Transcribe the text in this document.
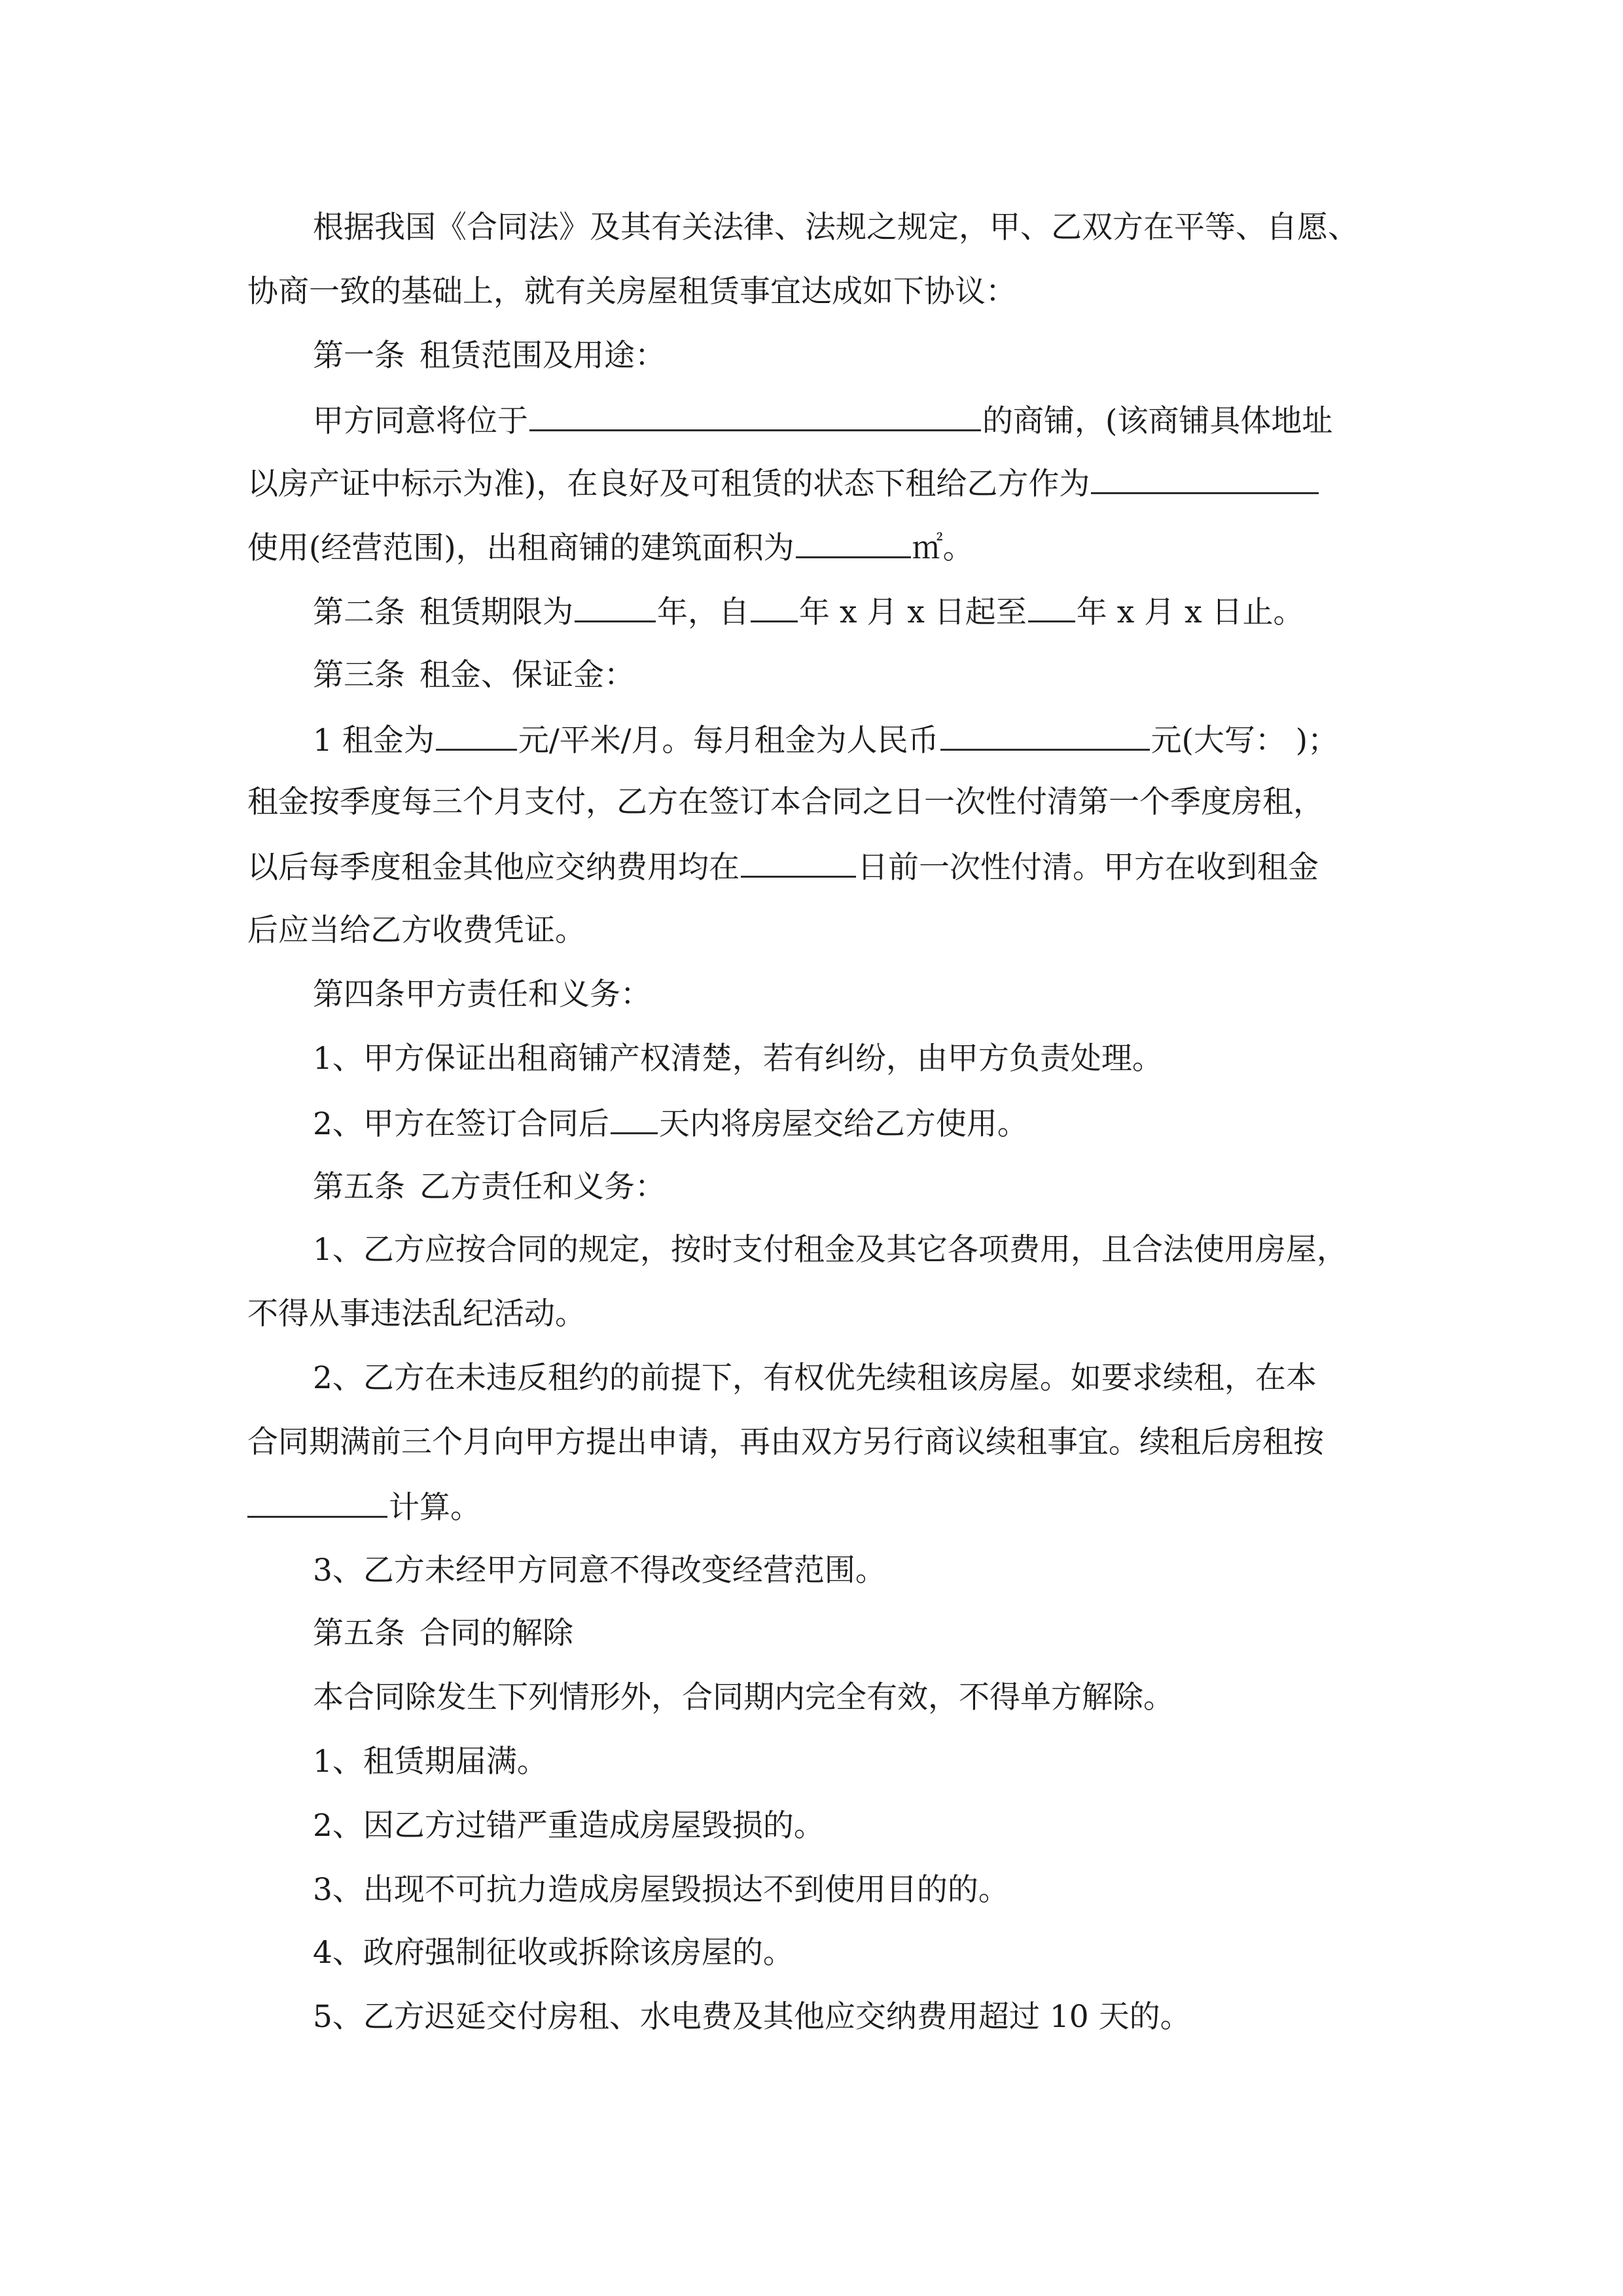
根据我国《合同法》及其有关法律、法规之规定，甲、乙双方在平等、自愿、
协商一致的基础上，就有关房屋租赁事宜达成如下协议：
第一条 租赁范围及用途：
甲方同意将位于	的商铺，(该商铺具体地址
以房产证中标示为准)，在良好及可租赁的状态下租给乙方作为
使用(经营范围)，出租商铺的建筑面积为	㎡。
第二条 租赁期限为	年，自 年 x 月 x 日起至 年 x 月 x 日止。
第三条 租金、保证金：
1 租金为	元/平米/月。每月租金为人民币	元(大写： )；
租金按季度每三个月支付，乙方在签订本合同之日一次性付清第一个季度房租，
以后每季度租金其他应交纳费用均在	日前一次性付清。甲方在收到租金
后应当给乙方收费凭证。
第四条甲方责任和义务：
1、甲方保证出租商铺产权清楚，若有纠纷，由甲方负责处理。
2、甲方在签订合同后 天内将房屋交给乙方使用。
第五条 乙方责任和义务：
1、乙方应按合同的规定，按时支付租金及其它各项费用，且合法使用房屋，
不得从事违法乱纪活动。
2、乙方在未违反租约的前提下，有权优先续租该房屋。如要求续租，在本
合同期满前三个月向甲方提出申请，再由双方另行商议续租事宜。续租后房租按
计算。
3、乙方未经甲方同意不得改变经营范围。
第五条 合同的解除
本合同除发生下列情形外，合同期内完全有效，不得单方解除。
1、租赁期届满。
2、因乙方过错严重造成房屋毁损的。
3、出现不可抗力造成房屋毁损达不到使用目的的。
4、政府强制征收或拆除该房屋的。
5、乙方迟延交付房租、水电费及其他应交纳费用超过 10 天的。
